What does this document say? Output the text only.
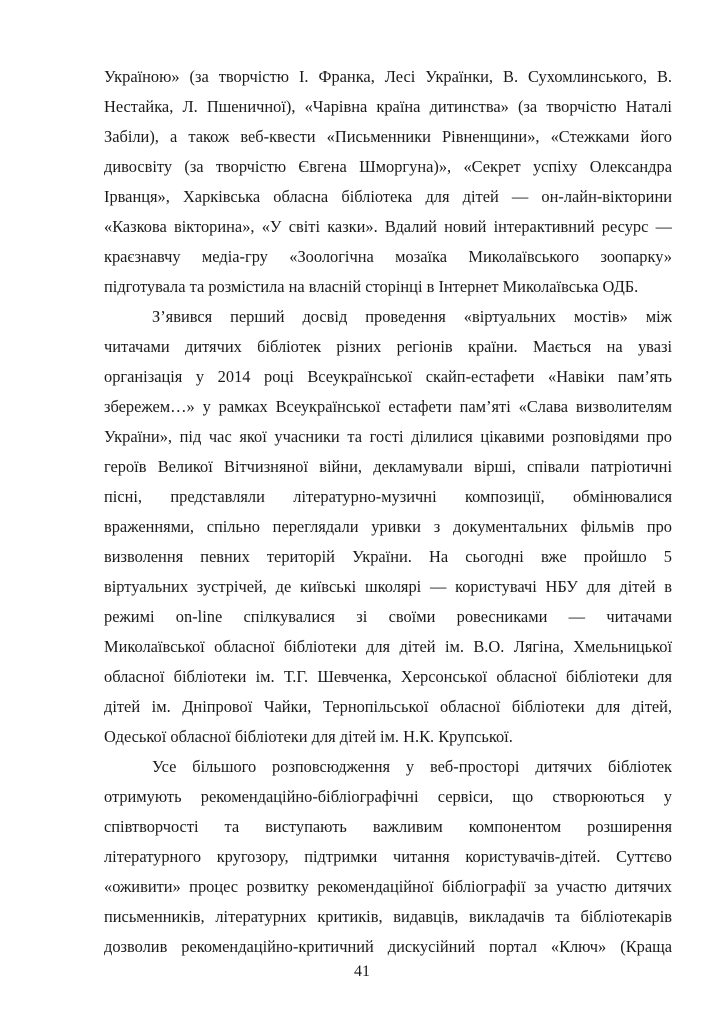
Україною» (за творчістю І. Франка, Лесі Українки, В. Сухомлинського, В.
Нестайка, Л. Пшеничної), «Чарівна країна дитинства» (за творчістю Наталі
Забіли), а також веб-квести «Письменники Рівненщини», «Стежками його
дивосвіту (за творчістю Євгена Шморгуна)», «Секрет успіху Олександра
Ірванця», Харківська обласна бібліотека для дітей — он-лайн-вікторини
«Казкова вікторина», «У світі казки». Вдалий новий інтерактивний ресурс —
краєзнавчу медіа-гру «Зоологічна мозаїка Миколаївського зоопарку»
підготувала та розмістила на власній сторінці в Інтернет Миколаївська ОДБ.
З’явився перший досвід проведення «віртуальних мостів» між
читачами дитячих бібліотек різних регіонів країни. Мається на увазі
організація у 2014 році Всеукраїнської скайп-естафети «Навіки пам’ять
збережем…» у рамках Всеукраїнської естафети пам’яті «Слава визволителям
України», під час якої учасники та гості ділилися цікавими розповідями про
героїв Великої Вітчизняної війни, декламували вірші, співали патріотичні
пісні, представляли літературно-музичні композиції, обмінювалися
враженнями, спільно переглядали уривки з документальних фільмів про
визволення певних територій України. На сьогодні вже пройшло 5
віртуальних зустрічей, де київські школярі — користувачі НБУ для дітей в
режимі on-line спілкувалися зі своїми ровесниками — читачами
Миколаївської обласної бібліотеки для дітей ім. В.О. Лягіна, Хмельницької
обласної бібліотеки ім. Т.Г. Шевченка, Херсонської обласної бібліотеки для
дітей ім. Дніпрової Чайки, Тернопільської обласної бібліотеки для дітей,
Одеської обласної бібліотеки для дітей ім. Н.К. Крупської.
Усе більшого розповсюдження у веб-просторі дитячих бібліотек
отримують рекомендаційно-бібліографічні сервіси, що створюються у
співтворчості та виступають важливим компонентом розширення
літературного кругозору, підтримки читання користувачів-дітей. Суттєво
«оживити» процес розвитку рекомендаційної бібліографії за участю дитячих
письменників, літературних критиків, видавців, викладачів та бібліотекарів
дозволив рекомендаційно-критичний дискусійний портал «Ключ» (Краща
41
